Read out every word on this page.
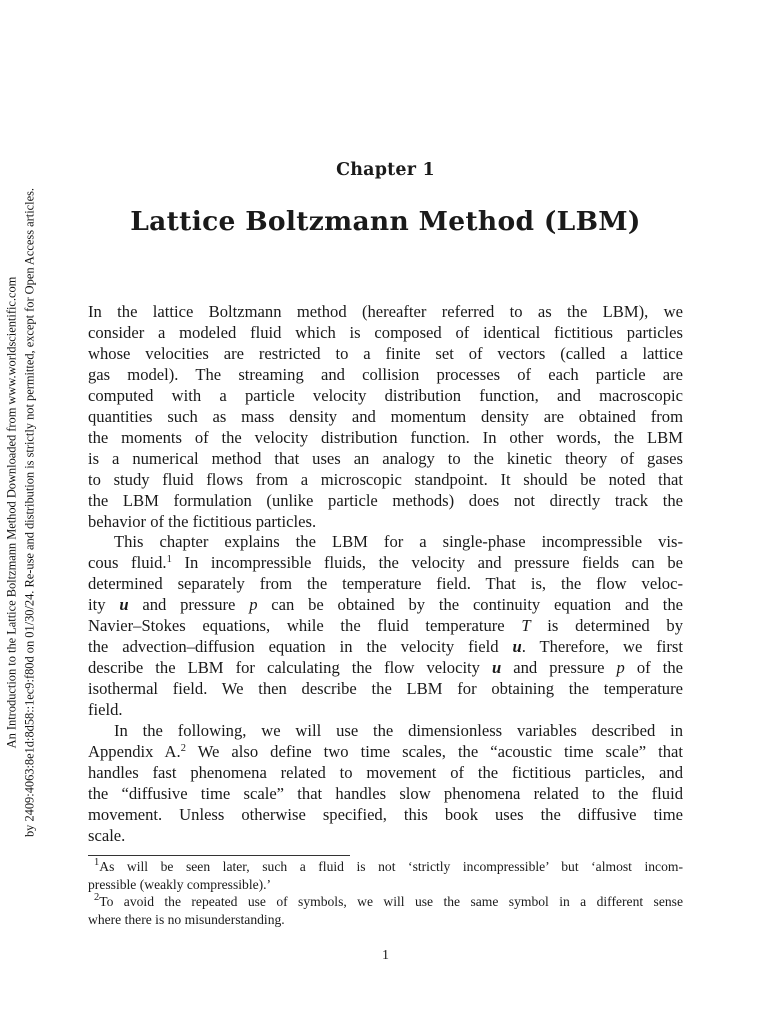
An Introduction to the Lattice Boltzmann Method Downloaded from www.worldscientific.com by 2409:4063:8e1d:8d58::1ec9:f80d on 01/30/24. Re-use and distribution is strictly not permitted, except for Open Access articles.
Chapter 1
Lattice Boltzmann Method (LBM)

In the lattice Boltzmann method (hereafter referred to as the LBM), we
consider a modeled fluid which is composed of identical fictitious particles
whose velocities are restricted to a finite set of vectors (called a lattice
gas model). The streaming and collision processes of each particle are
computed with a particle velocity distribution function, and macroscopic
quantities such as mass density and momentum density are obtained from
the moments of the velocity distribution function. In other words, the LBM
is a numerical method that uses an analogy to the kinetic theory of gases
to study fluid flows from a microscopic standpoint. It should be noted that
the LBM formulation (unlike particle methods) does not directly track the
behavior of the fictitious particles.

This chapter explains the LBM for a single-phase incompressible vis-
cous fluid.$^1$ In incompressible fluids, the velocity and pressure fields can be
determined separately from the temperature field. That is, the flow veloc-
ity u and pressure p can be obtained by the continuity equation and the
Navier–Stokes equations, while the fluid temperature T is determined by
the advection–diffusion equation in the velocity field u. Therefore, we first
describe the LBM for calculating the flow velocity u and pressure p of the
isothermal field. We then describe the LBM for obtaining the temperature
field.

In the following, we will use the dimensionless variables described in
Appendix A.$^2$ We also define two time scales, the “acoustic time scale” that
handles fast phenomena related to movement of the fictitious particles, and
the “diffusive time scale” that handles slow phenomena related to the fluid
movement. Unless otherwise specified, this book uses the diffusive time
scale.

$^1$As will be seen later, such a fluid is not ‘strictly incompressible’ but ‘almost incom-
pressible (weakly compressible).’
$^2$To avoid the repeated use of symbols, we will use the same symbol in a different sense
where there is no misunderstanding.
1
